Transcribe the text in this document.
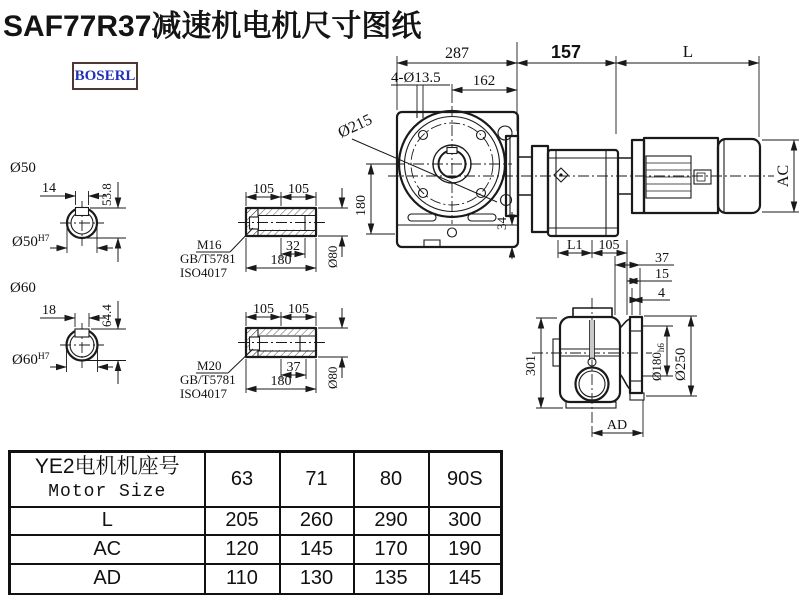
Ø50
14	53.8
$Ø50^{H7}$
Ø60
18	64.4
$Ø60^{H7}$
105 105
32
180	Ø80
M16
GB/T5781
ISO4017
105 105
37
180	Ø80
M20
GB/T5781
ISO4017
287
162
157	L
AC
180
34
4-Ø13.5
Ø215
L1 105
37
15
4
301	$Ø180_{h6}$
Ø250
AD
SAF77R37减速机电机尺寸图纸
BOSERL
YE2电机机座号
Motor Size	63	71	80	90S
L	205	260	290	300
AC	120	145	170	190
AD	110	130	135	145
